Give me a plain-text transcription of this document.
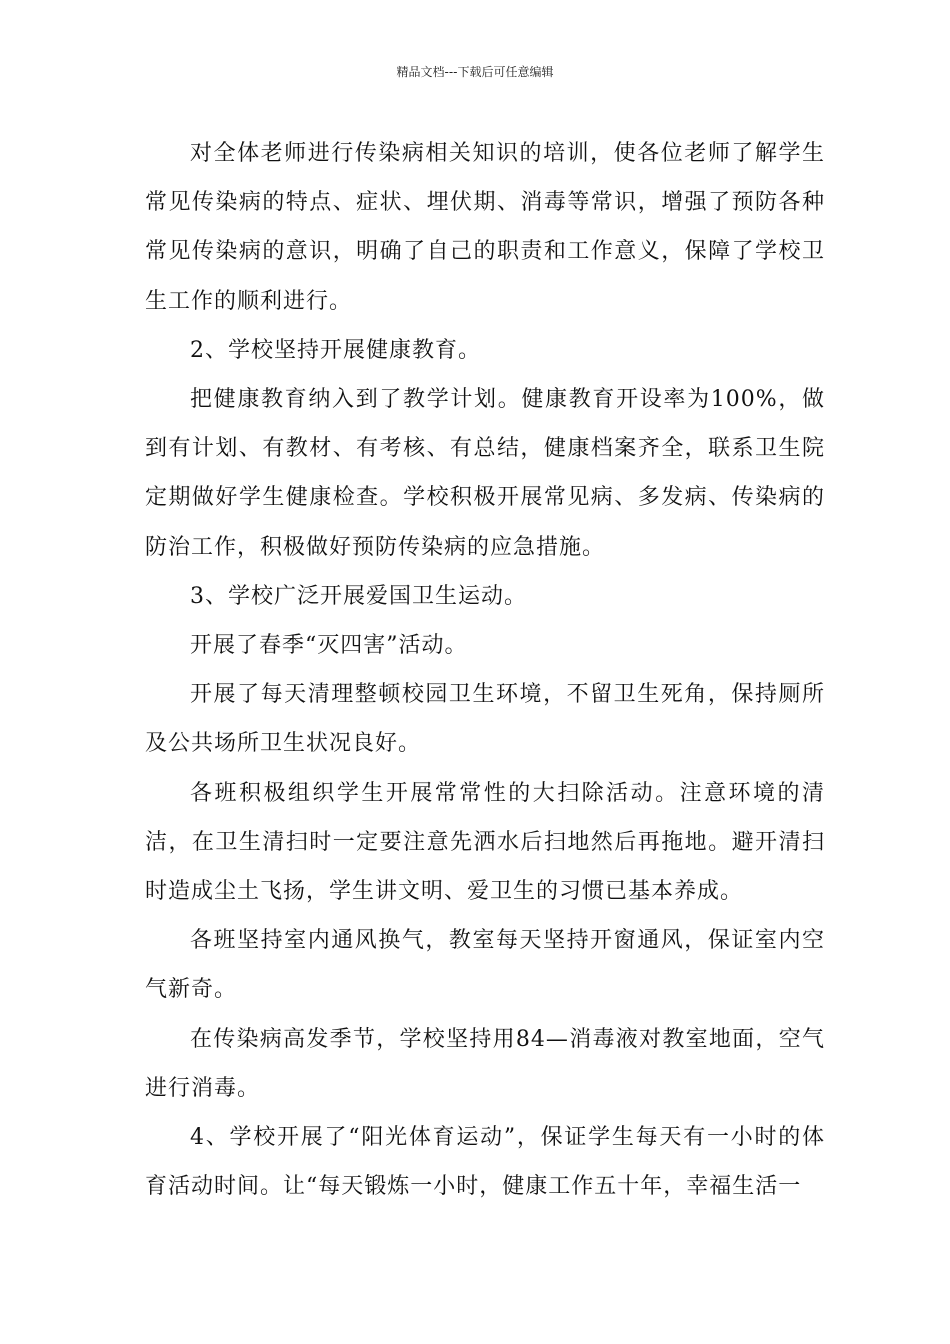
精品文档---下载后可任意编辑

对全体老师进行传染病相关知识的培训，使各位老师了解学生常见传染病的特点、症状、埋伏期、消毒等常识，增强了预防各种常见传染病的意识，明确了自己的职责和工作意义，保障了学校卫生工作的顺利进行。

2、学校坚持开展健康教育。

把健康教育纳入到了教学计划。健康教育开设率为100%，做到有计划、有教材、有考核、有总结，健康档案齐全，联系卫生院定期做好学生健康检查。学校积极开展常见病、多发病、传染病的防治工作，积极做好预防传染病的应急措施。

3、学校广泛开展爱国卫生运动。

开展了春季“灭四害”活动。

开展了每天清理整顿校园卫生环境，不留卫生死角，保持厕所及公共场所卫生状况良好。

各班积极组织学生开展常常性的大扫除活动。注意环境的清洁，在卫生清扫时一定要注意先洒水后扫地然后再拖地。避开清扫时造成尘土飞扬，学生讲文明、爱卫生的习惯已基本养成。

各班坚持室内通风换气，教室每天坚持开窗通风，保证室内空气新奇。

在传染病高发季节，学校坚持用84—消毒液对教室地面，空气进行消毒。

4、学校开展了“阳光体育运动”，保证学生每天有一小时的体育活动时间。让“每天锻炼一小时，健康工作五十年，幸福生活一
